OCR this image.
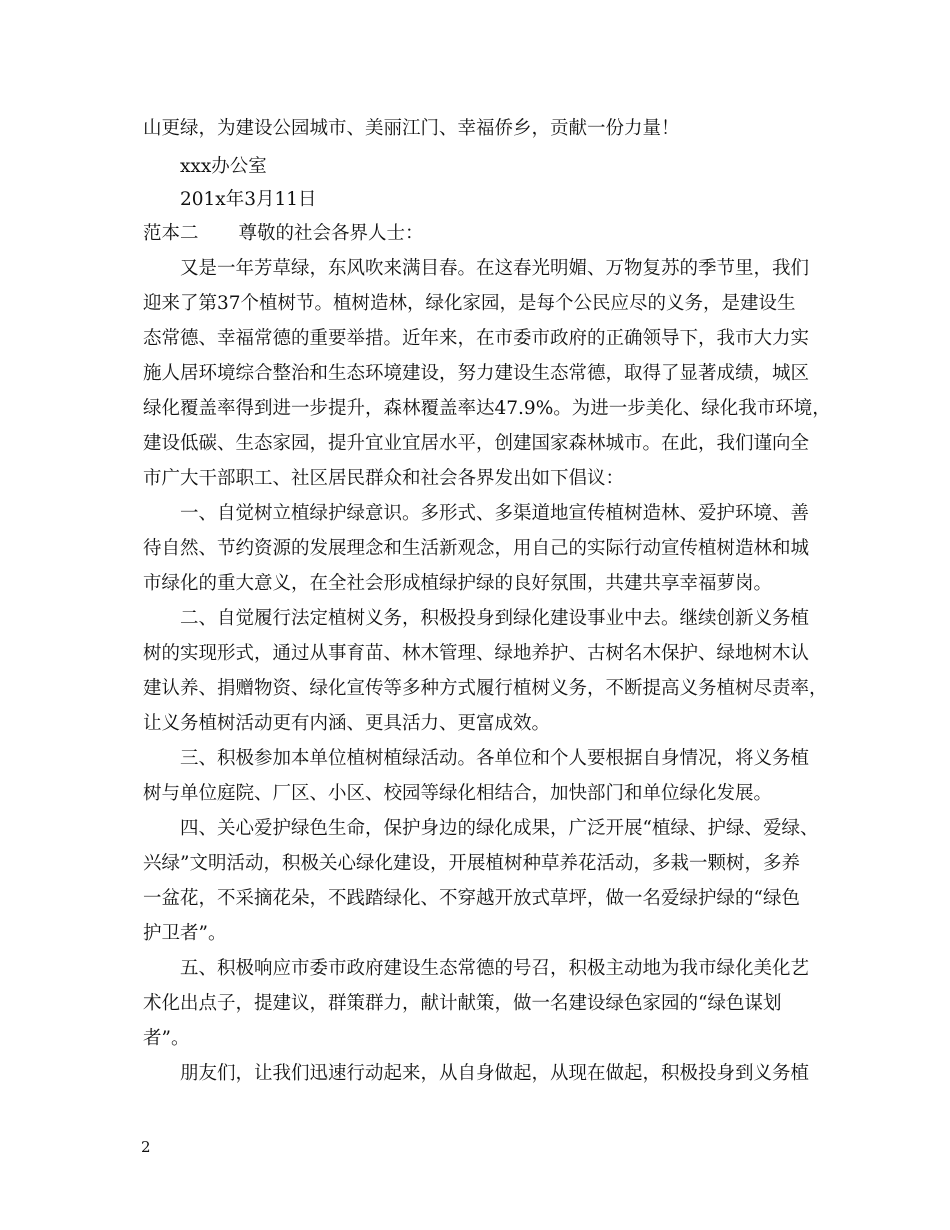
山更绿，为建设公园城市、美丽江门、幸福侨乡，贡献一份力量！
xxx办公室
201x年3月11日
范本二 尊敬的社会各界人士：
又是一年芳草绿，东风吹来满目春。在这春光明媚、万物复苏的季节里，我们
迎来了第37个植树节。植树造林，绿化家园，是每个公民应尽的义务，是建设生
态常德、幸福常德的重要举措。近年来，在市委市政府的正确领导下，我市大力实
施人居环境综合整治和生态环境建设，努力建设生态常德，取得了显著成绩，城区
绿化覆盖率得到进一步提升，森林覆盖率达47.9%。为进一步美化、绿化我市环境，
建设低碳、生态家园，提升宜业宜居水平，创建国家森林城市。在此，我们谨向全
市广大干部职工、社区居民群众和社会各界发出如下倡议：
一、自觉树立植绿护绿意识。多形式、多渠道地宣传植树造林、爱护环境、善
待自然、节约资源的发展理念和生活新观念，用自己的实际行动宣传植树造林和城
市绿化的重大意义，在全社会形成植绿护绿的良好氛围，共建共享幸福萝岗。
二、自觉履行法定植树义务，积极投身到绿化建设事业中去。继续创新义务植
树的实现形式，通过从事育苗、林木管理、绿地养护、古树名木保护、绿地树木认
建认养、捐赠物资、绿化宣传等多种方式履行植树义务，不断提高义务植树尽责率，
让义务植树活动更有内涵、更具活力、更富成效。
三、积极参加本单位植树植绿活动。各单位和个人要根据自身情况，将义务植
树与单位庭院、厂区、小区、校园等绿化相结合，加快部门和单位绿化发展。
四、关心爱护绿色生命，保护身边的绿化成果，广泛开展“植绿、护绿、爱绿、
兴绿”文明活动，积极关心绿化建设，开展植树种草养花活动，多栽一颗树，多养
一盆花，不采摘花朵，不践踏绿化、不穿越开放式草坪，做一名爱绿护绿的“绿色
护卫者”。
五、积极响应市委市政府建设生态常德的号召，积极主动地为我市绿化美化艺
术化出点子，提建议，群策群力，献计献策，做一名建设绿色家园的“绿色谋划
者”。
朋友们，让我们迅速行动起来，从自身做起，从现在做起，积极投身到义务植
2
